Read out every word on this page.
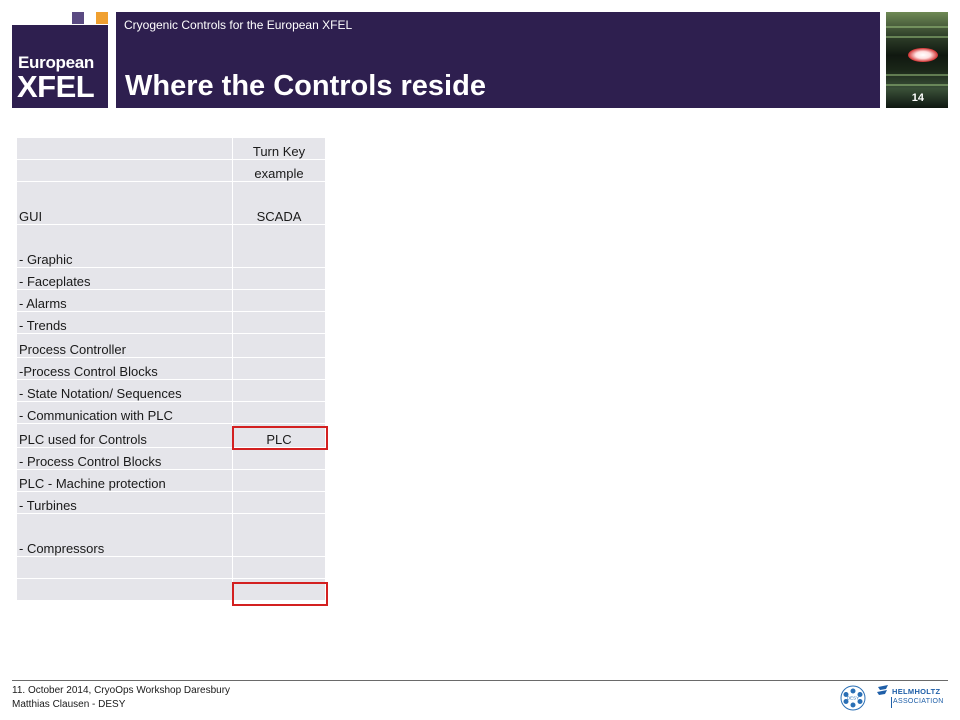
European
XFEL
Cryogenic Controls for the European XFEL
Where the Controls reside	14
	Turn Key
	example
GUI	SCADA
- Graphic	
- Faceplates	
- Alarms	
- Trends	
Process Controller	
-Process Control Blocks	
- State Notation/ Sequences	
- Communication with PLC	
PLC used for Controls	PLC
- Process Control Blocks	
PLC - Machine protection	
- Turbines	
- Compressors	

11. October 2014, CryoOps Workshop Daresbury
Matthias Clausen - DESY
DESY
HELMHOLTZ
ASSOCIATION
